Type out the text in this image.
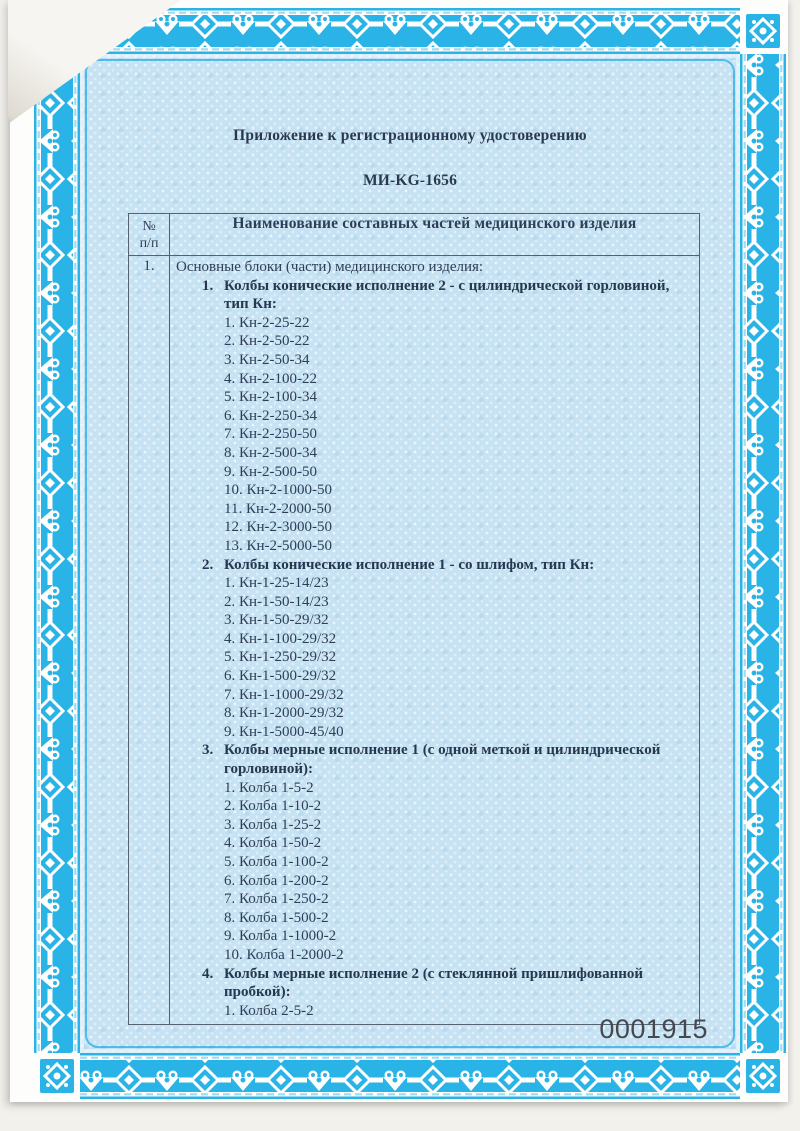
Приложение к регистрационному удостоверению
МИ-KG-1656
№
п/п	Наименование составных частей медицинского изделия
1.	Основные блоки (части) медицинского изделия:
1. Колбы конические исполнение 2 - с цилиндрической горловиной, тип Кн:
1. Кн-2-25-22
2. Кн-2-50-22
3. Кн-2-50-34
4. Кн-2-100-22
5. Кн-2-100-34
6. Кн-2-250-34
7. Кн-2-250-50
8. Кн-2-500-34
9. Кн-2-500-50
10. Кн-2-1000-50
11. Кн-2-2000-50
12. Кн-2-3000-50
13. Кн-2-5000-50
2. Колбы конические исполнение 1 - со шлифом, тип Кн:
1. Кн-1-25-14/23
2. Кн-1-50-14/23
3. Кн-1-50-29/32
4. Кн-1-100-29/32
5. Кн-1-250-29/32
6. Кн-1-500-29/32
7. Кн-1-1000-29/32
8. Кн-1-2000-29/32
9. Кн-1-5000-45/40
3. Колбы мерные исполнение 1 (с одной меткой и цилиндрической горловиной):
1. Колба 1-5-2
2. Колба 1-10-2
3. Колба 1-25-2
4. Колба 1-50-2
5. Колба 1-100-2
6. Колба 1-200-2
7. Колба 1-250-2
8. Колба 1-500-2
9. Колба 1-1000-2
10. Колба 1-2000-2
4. Колбы мерные исполнение 2 (с стеклянной пришлифованной пробкой):
1. Колба 2-5-2
0001915
